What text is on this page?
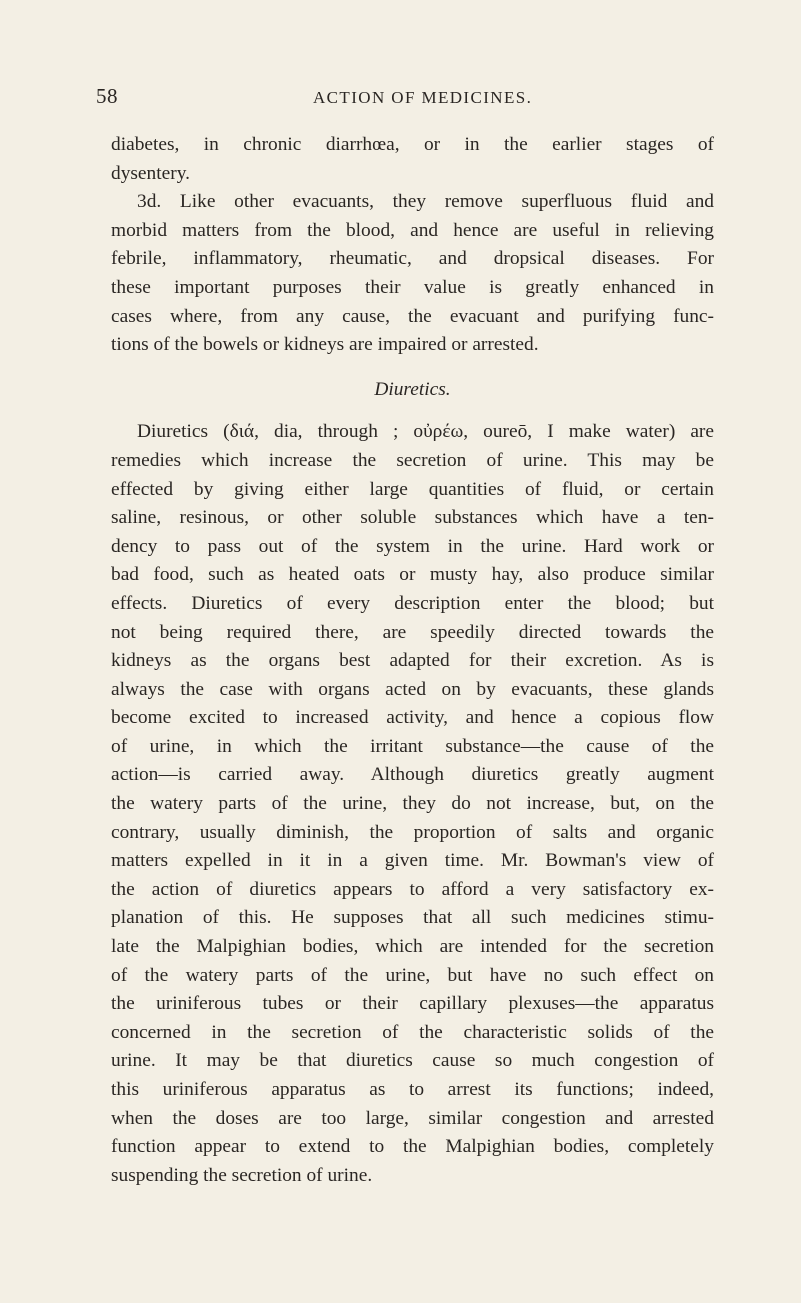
58	ACTION OF MEDICINES.

diabetes, in chronic diarrhœa, or in the earlier stages of
dysentery.

3d. Like other evacuants, they remove superfluous fluid and
morbid matters from the blood, and hence are useful in relieving
febrile, inflammatory, rheumatic, and dropsical diseases. For
these important purposes their value is greatly enhanced in
cases where, from any cause, the evacuant and purifying func-
tions of the bowels or kidneys are impaired or arrested.

Diuretics.

Diuretics (διά, dia, through ; οὐρέω, oureō, I make water) are
remedies which increase the secretion of urine. This may be
effected by giving either large quantities of fluid, or certain
saline, resinous, or other soluble substances which have a ten-
dency to pass out of the system in the urine. Hard work or
bad food, such as heated oats or musty hay, also produce similar
effects. Diuretics of every description enter the blood; but
not being required there, are speedily directed towards the
kidneys as the organs best adapted for their excretion. As is
always the case with organs acted on by evacuants, these glands
become excited to increased activity, and hence a copious flow
of urine, in which the irritant substance—the cause of the
action—is carried away. Although diuretics greatly augment
the watery parts of the urine, they do not increase, but, on the
contrary, usually diminish, the proportion of salts and organic
matters expelled in it in a given time. Mr. Bowman's view of
the action of diuretics appears to afford a very satisfactory ex-
planation of this. He supposes that all such medicines stimu-
late the Malpighian bodies, which are intended for the secretion
of the watery parts of the urine, but have no such effect on
the uriniferous tubes or their capillary plexuses—the apparatus
concerned in the secretion of the characteristic solids of the
urine. It may be that diuretics cause so much congestion of
this uriniferous apparatus as to arrest its functions; indeed,
when the doses are too large, similar congestion and arrested
function appear to extend to the Malpighian bodies, completely
suspending the secretion of urine.
